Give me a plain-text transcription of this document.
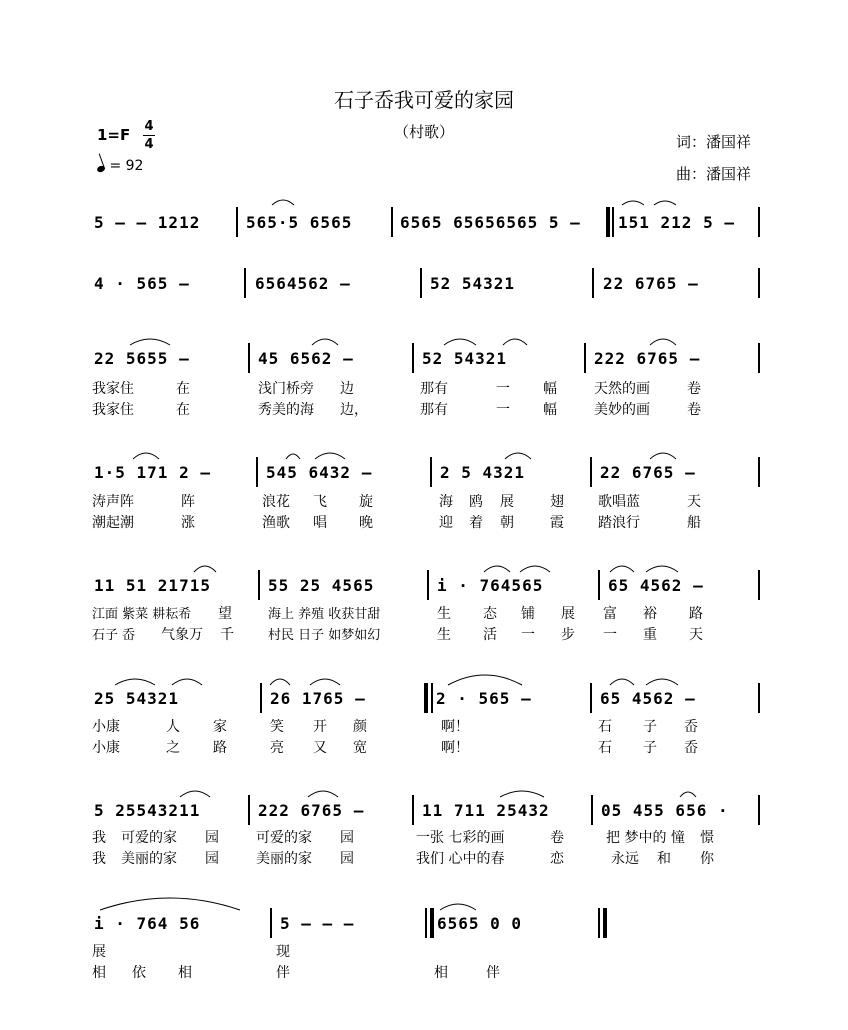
石子岙我可爱的家园
（村歌）
1=F 4
4
= 92
词：潘国祥
曲：潘国祥
5 — — 1212	565·5 6565	6565 65656565 5 — 151 212 5 —
4 · 565 —	6564562 —	52 54321	22 6765 —
22 5655 —	45 6562 —	52 54321	222 6765 —
我家住	在	浅门桥旁 边	那有	一 幅	天然的画	卷
我家住	在	秀美的海 边，	那有	一 幅	美妙的画	卷
1·5 171 2 —	545 6432 —	2 5 4321	22 6765 —
涛声阵	阵	浪花 飞 旋	海 鸥 展	翅 歌唱蓝	天
潮起潮	涨	渔歌 唱 晚	迎 着 朝	霞 踏浪行	船
11 51 21715	55 25 4565	i · 764565	65 4562 —
江面 紫菜 耕耘希 望	海上 养殖 收获甘甜	生 态 铺 展 富 裕 路
石子 岙 气象万 千	村民 日子 如梦如幻	生 活 一 步 一 重 天
25 54321	26 1765 —	2 · 565 —	65 4562 —
小康	人 家	笑 开 颜	啊！	石 子 岙
小康	之 路	亮 又 宽	啊！	石 子 岙
5 25543211	222 6765 —	11 711 25432	05 455 656 ·
我 可爱的家 园	可爱的家 园	一张 七彩的画	卷	把 梦中的 憧 憬
我 美丽的家 园	美丽的家 园	我们 心中的春	恋	永远 和 你
i · 764 56	5 — — —	6565 0 0
展	现
相 依 相	伴	相	伴
